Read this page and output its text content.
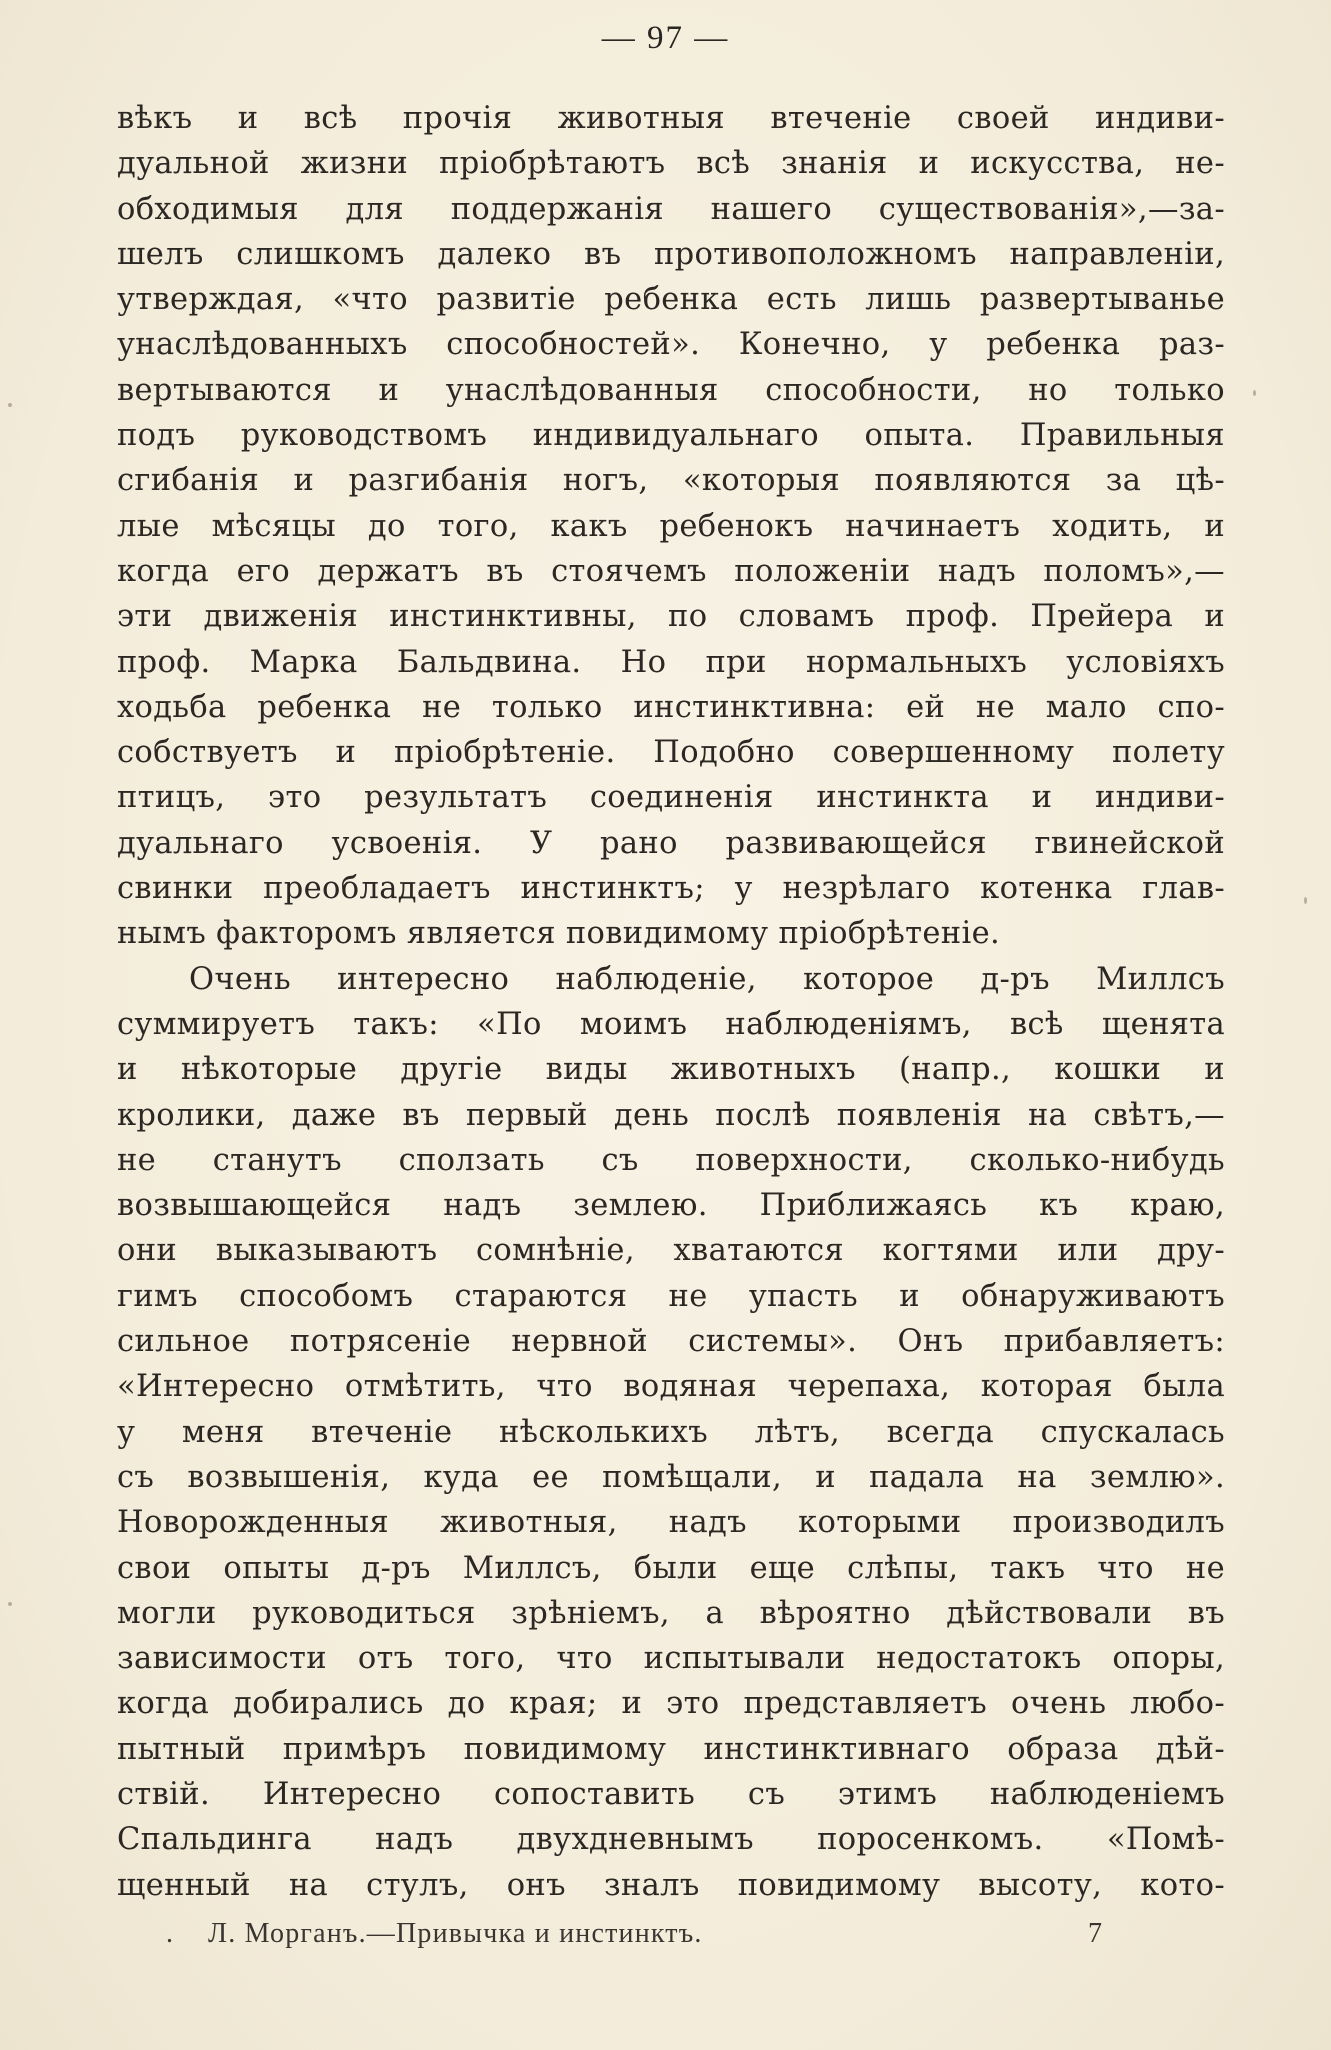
— 97 —
вѣкъ и всѣ прочія животныя втеченіе своей индиви-
дуальной жизни пріобрѣтаютъ всѣ знанія и искусства, не-
обходимыя для поддержанія нашего существованія»,—за-
шелъ слишкомъ далеко въ противоположномъ направленіи,
утверждая, «что развитіе ребенка есть лишь развертыванье
унаслѣдованныхъ способностей». Конечно, у ребенка раз-
вертываются и унаслѣдованныя способности, но только
подъ руководствомъ индивидуальнаго опыта. Правильныя
сгибанія и разгибанія ногъ, «которыя появляются за цѣ-
лые мѣсяцы до того, какъ ребенокъ начинаетъ ходить, и
когда его держатъ въ стоячемъ положеніи надъ поломъ»,—
эти движенія инстинктивны, по словамъ проф. Прейера и
проф. Марка Бальдвина. Но при нормальныхъ условіяхъ
ходьба ребенка не только инстинктивна: ей не мало спо-
собствуетъ и пріобрѣтеніе. Подобно совершенному полету
птицъ, это результатъ соединенія инстинкта и индиви-
дуальнаго усвоенія. У рано развивающейся гвинейской
свинки преобладаетъ инстинктъ; у незрѣлаго котенка глав-
нымъ факторомъ является повидимому пріобрѣтеніе.
Очень интересно наблюденіе, которое д-ръ Миллсъ
суммируетъ такъ: «По моимъ наблюденіямъ, всѣ щенята
и нѣкоторые другіе виды животныхъ (напр., кошки и
кролики, даже въ первый день послѣ появленія на свѣтъ,—
не станутъ сползать съ поверхности, сколько-нибудь
возвышающейся надъ землею. Приближаясь къ краю,
они выказываютъ сомнѣніе, хватаются когтями или дру-
гимъ способомъ стараются не упасть и обнаруживаютъ
сильное потрясеніе нервной системы». Онъ прибавляетъ:
«Интересно отмѣтить, что водяная черепаха, которая была
у меня втеченіе нѣсколькихъ лѣтъ, всегда спускалась
съ возвышенія, куда ее помѣщали, и падала на землю».
Новорожденныя животныя, надъ которыми производилъ
свои опыты д-ръ Миллсъ, были еще слѣпы, такъ что не
могли руководиться зрѣніемъ, а вѣроятно дѣйствовали въ
зависимости отъ того, что испытывали недостатокъ опоры,
когда добирались до края; и это представляетъ очень любо-
пытный примѣръ повидимому инстинктивнаго образа дѣй-
ствій. Интересно сопоставить съ этимъ наблюденіемъ
Спальдинга надъ двухдневнымъ поросенкомъ. «Помѣ-
щенный на стулъ, онъ зналъ повидимому высоту, кото-
. Л. Морганъ.—Привычка и инстинктъ.	7
